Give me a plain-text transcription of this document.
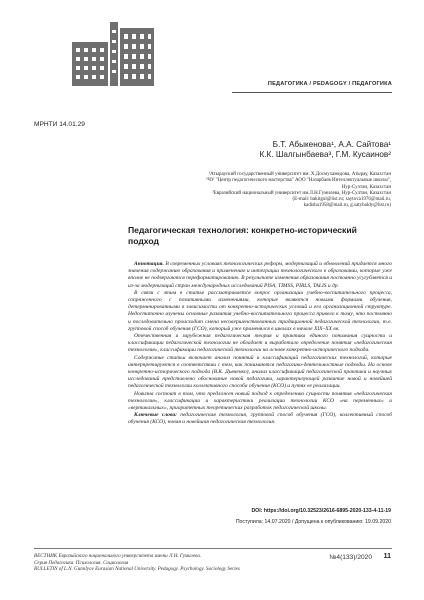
ПЕДАГОГИКА / PEDAGOGY / ПЕДАГОГИКА
МРНТИ 14.01.29
Б.Т. Абыкенова¹, А.А. Сайтова¹
К.К. Шалгынбаева³, Г.М. Кусаинов²
¹Атырауский государственный университет им. Х.Досмухамедова, Атырау, Казахстан
²ЧУ "Центр педагогического мастерства" АОО "Назарбаев Интеллектуальные школы",
Нур-Султан, Казахстан
³Евразийский национальный университет им.Л.Н.Гумилева, Нур-Султан, Казахстан
(E-mail: bakitgul@list.ru; saytova1976@mail.ru,
kadisha1958@mail.ru, g.satybaldy@list.ru)
Педагогическая технология: конкретно-исторический
подход

Аннотация. В современных условиях технологических реформ, модернизаций и обновлений придается много значения содержанию образования и применению и интеграции технологического в образовании, которые уже вполне не подвергаются переформатированию. В результате изменения образования постоянно усугубляется и из-за модернизаций стран международных исследований PISA, TIMSS, PIRLS, TALIS и др.

В связи с этим в статье рассматривается вопрос организации учебно-воспитательного процесса, сопряженного с позитивными изменениями, которые являются новыми формами обучения, детерминированными в зависимости от конкретно-исторических условий и его организационной структуре. Недостаточно изучены основные развития учебно-воспитательного процесса привело к тому, что постоянно и последовательно происходит смена несовершенствованных традиционной педагогической технологии, т.е. групповой способ обучения (ГСО), который уже применялся в школах в начале XIX–XX вв.

Отечественная и зарубежная педагогическая теория и практика единого понимания сущности и классификации педагогической технологии не обладает и выработало определение понятия «педагогическая технология», классификации педагогической технологии на основе конкретно-исторического подхода.

Содержание статьи включает анализ понятий и классификаций педагогических технологий, которые интерпретируются в соответствии с тем, как понимаются педагогико-деятельностные подходы. На основе конкретно-исторического подхода (В.К. Дьяченко), анализ классификаций педагогической практики и научных исследований представлено обоснование новой педагогики, характеризующей развитие новой и новейшей педагогической технологии коллективного способа обучения (КСО) и путях ее реализации.

Новизна состоит в том, что предложен новый подход к определению сущности понятия «педагогическая технология», классификации и характеристики реализации технологии КСО «на переменных» и «вертикальных», приоритетных теоретических разработок педагогической школы.

Ключевые слова: педагогическая технология, групповой способ обучения (ГСО), коллективный способ обучения (КСО), новая и новейшая педагогическая технология.

DOI: https://doi.org/10.32523/2616-6895-2020-133-4-11-19
Поступила: 14.07.2020 / Допущена к опубликованию: 19.09.2020
ВЕСТНИК Евразийского национального университета имени Л.Н. Гумилева.
Серия Педагогика. Психология. Социология
BULLETIN of L.N. Gumilyov Eurasian National University. Pedagogy. Psychology. Sociology Series
№4(133)/2020 11
